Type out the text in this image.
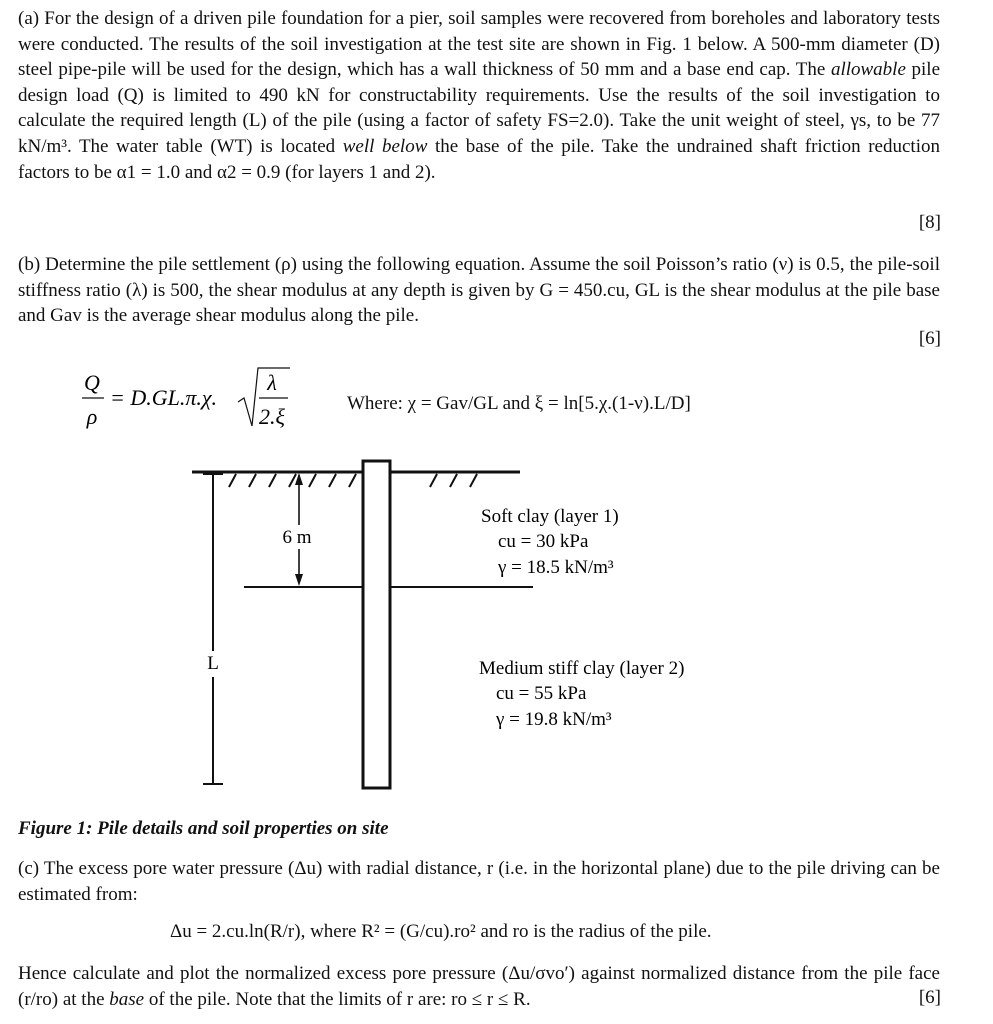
(a) For the design of a driven pile foundation for a pier, soil samples were recovered from boreholes and laboratory tests were conducted. The results of the soil investigation at the test site are shown in Fig. 1 below. A 500-mm diameter (D) steel pipe-pile will be used for the design, which has a wall thickness of 50 mm and a base end cap. The allowable pile design load (Q) is limited to 490 kN for constructability requirements. Use the results of the soil investigation to calculate the required length (L) of the pile (using a factor of safety FS=2.0). Take the unit weight of steel, γs, to be 77 kN/m³. The water table (WT) is located well below the base of the pile. Take the undrained shaft friction reduction factors to be α1 = 1.0 and α2 = 0.9 (for layers 1 and 2).

[8]

(b) Determine the pile settlement (ρ) using the following equation. Assume the soil Poisson’s ratio (ν) is 0.5, the pile-soil stiffness ratio (λ) is 500, the shear modulus at any depth is given by G = 450.cu, GL is the shear modulus at the pile base and Gav is the average shear modulus along the pile.

[6]
Q
ρ
= D.GL.π.χ.
λ
2.ξ
Where: χ = Gav/GL and ξ = ln[5.χ.(1-ν).L/D]
6 m
L
Soft clay (layer 1)
cu = 30 kPa
γ = 18.5 kN/m³
Medium stiff clay (layer 2)
cu = 55 kPa
γ = 19.8 kN/m³
Figure 1: Pile details and soil properties on site

(c) The excess pore water pressure (Δu) with radial distance, r (i.e. in the horizontal plane) due to the pile driving can be estimated from:

Δu = 2.cu.ln(R/r), where R² = (G/cu).ro² and ro is the radius of the pile.

Hence calculate and plot the normalized excess pore pressure (Δu/σvo′) against normalized distance from the pile face (r/ro) at the base of the pile. Note that the limits of r are: ro ≤ r ≤ R.	[6]
